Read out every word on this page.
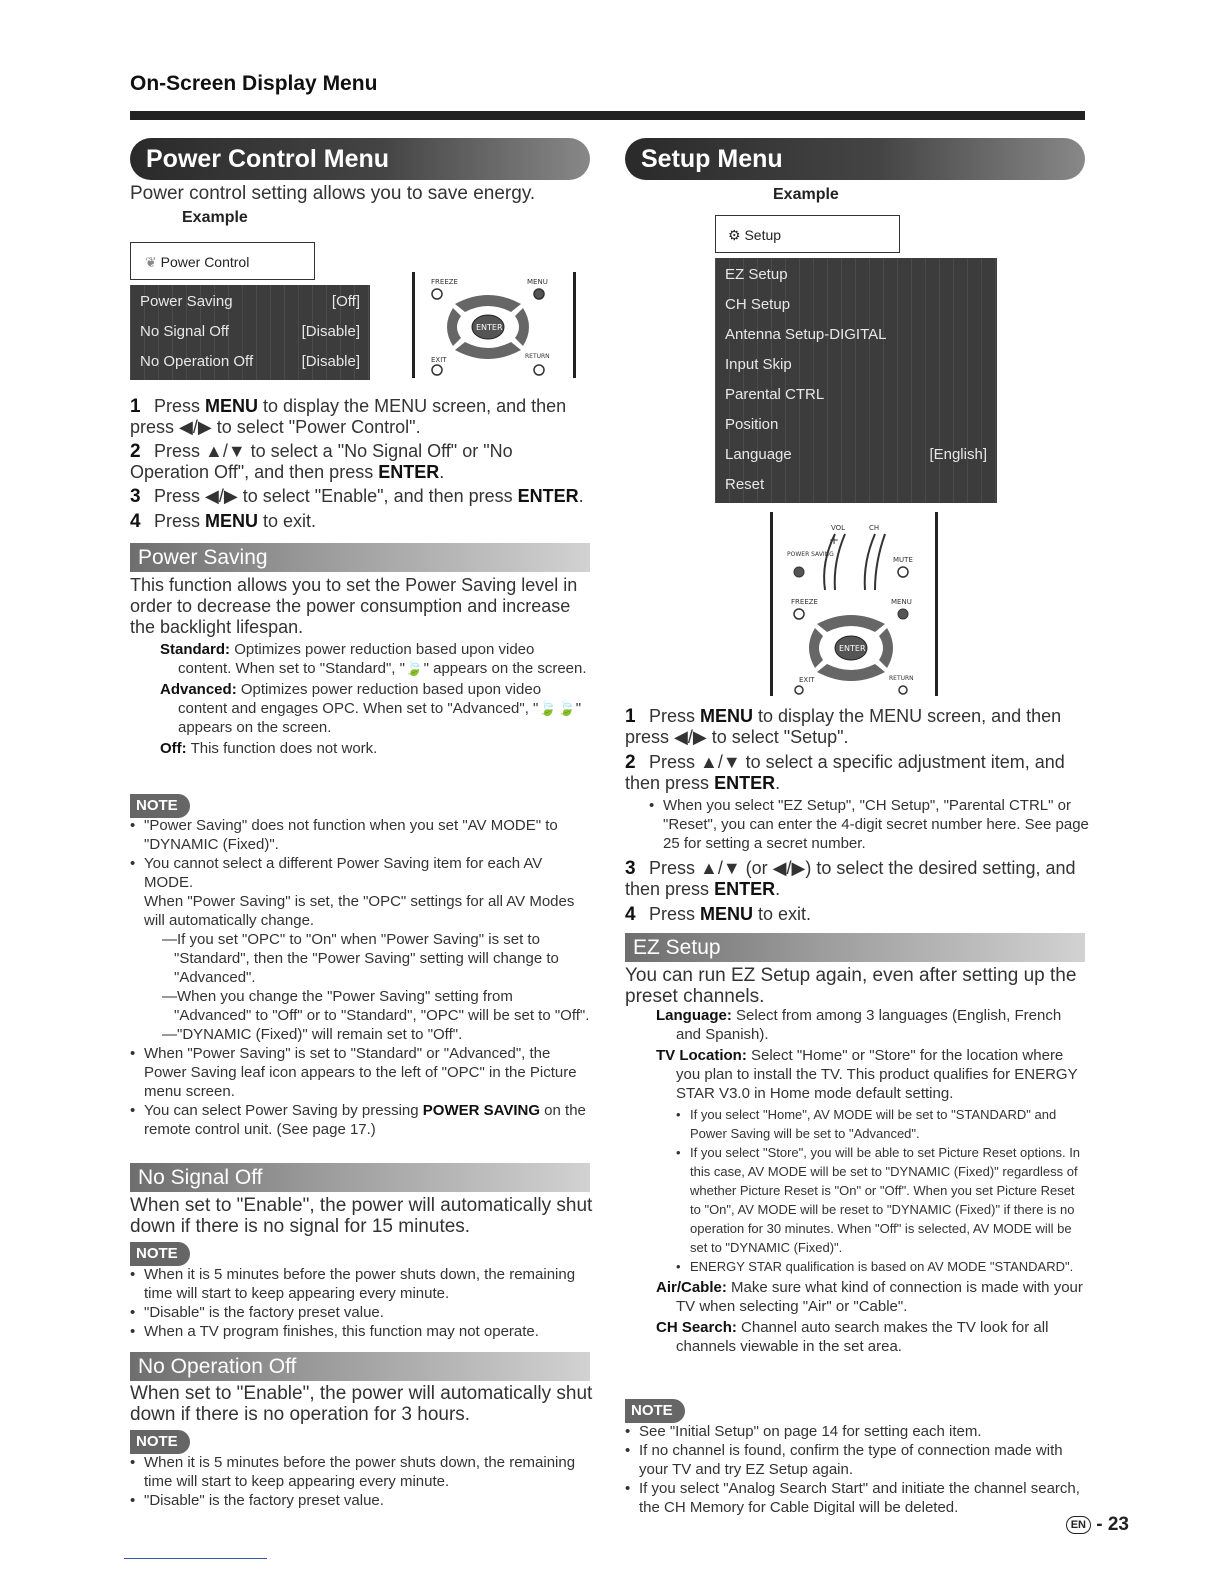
On-Screen Display Menu
Power Control Menu
Power control setting allows you to save energy.
Example
❦ Power Control
Power Saving	[Off]
No Signal Off	[Disable]
No Operation Off	[Disable]
FREEZE	MENU
ENTER
EXIT	RETURN
1 Press MENU to display the MENU screen, and then press ◀/▶ to select "Power Control".
2 Press ▲/▼ to select a "No Signal Off" or "No Operation Off", and then press ENTER.
3 Press ◀/▶ to select "Enable", and then press ENTER.
4 Press MENU to exit.
Power Saving
This function allows you to set the Power Saving level in order to decrease the power consumption and increase the backlight lifespan.
Standard: Optimizes power reduction based upon video content. When set to "Standard", "🍃" appears on the screen.
Advanced: Optimizes power reduction based upon video content and engages OPC. When set to "Advanced", "🍃🍃" appears on the screen.
Off: This function does not work.
NOTE
• "Power Saving" does not function when you set "AV MODE" to "DYNAMIC (Fixed)".
• You cannot select a different Power Saving item for each AV MODE.
When "Power Saving" is set, the "OPC" settings for all AV Modes will automatically change.
—If you set "OPC" to "On" when "Power Saving" is set to "Standard", then the "Power Saving" setting will change to "Advanced".
—When you change the "Power Saving" setting from "Advanced" to "Off" or to "Standard", "OPC" will be set to "Off".
—"DYNAMIC (Fixed)" will remain set to "Off".
• When "Power Saving" is set to "Standard" or "Advanced", the Power Saving leaf icon appears to the left of "OPC" in the Picture menu screen.
• You can select Power Saving by pressing POWER SAVING on the remote control unit. (See page 17.)
No Signal Off
When set to "Enable", the power will automatically shut down if there is no signal for 15 minutes.
NOTE
• When it is 5 minutes before the power shuts down, the remaining time will start to keep appearing every minute.
• "Disable" is the factory preset value.
• When a TV program finishes, this function may not operate.
No Operation Off
When set to "Enable", the power will automatically shut down if there is no operation for 3 hours.
NOTE
• When it is 5 minutes before the power shuts down, the remaining time will start to keep appearing every minute.
• "Disable" is the factory preset value.
Setup Menu
Example
⚙ Setup
EZ Setup
CH Setup
Antenna Setup-DIGITAL
Input Skip
Parental CTRL
Position
Language	[English]
Reset
VOL	CH
+
POWER SAVING
MUTE
FREEZE	MENU
ENTER
EXIT	RETURN
1 Press MENU to display the MENU screen, and then press ◀/▶ to select "Setup".
2 Press ▲/▼ to select a specific adjustment item, and then press ENTER.
• When you select "EZ Setup", "CH Setup", "Parental CTRL" or "Reset", you can enter the 4-digit secret number here. See page 25 for setting a secret number.
3 Press ▲/▼ (or ◀/▶) to select the desired setting, and then press ENTER.
4 Press MENU to exit.
EZ Setup
You can run EZ Setup again, even after setting up the preset channels.
Language: Select from among 3 languages (English, French and Spanish).
TV Location: Select "Home" or "Store" for the location where you plan to install the TV. This product qualifies for ENERGY STAR V3.0 in Home mode default setting.
• If you select "Home", AV MODE will be set to "STANDARD" and Power Saving will be set to "Advanced".
• If you select "Store", you will be able to set Picture Reset options. In this case, AV MODE will be set to "DYNAMIC (Fixed)" regardless of whether Picture Reset is "On" or "Off". When you set Picture Reset to "On", AV MODE will be reset to "DYNAMIC (Fixed)" if there is no operation for 30 minutes. When "Off" is selected, AV MODE will be set to "DYNAMIC (Fixed)".
• ENERGY STAR qualification is based on AV MODE "STANDARD".
Air/Cable: Make sure what kind of connection is made with your TV when selecting "Air" or "Cable".
CH Search: Channel auto search makes the TV look for all channels viewable in the set area.
NOTE
• See "Initial Setup" on page 14 for setting each item.
• If no channel is found, confirm the type of connection made with your TV and try EZ Setup again.
• If you select "Analog Search Start" and initiate the channel search, the CH Memory for Cable Digital will be deleted.
EN - 23
